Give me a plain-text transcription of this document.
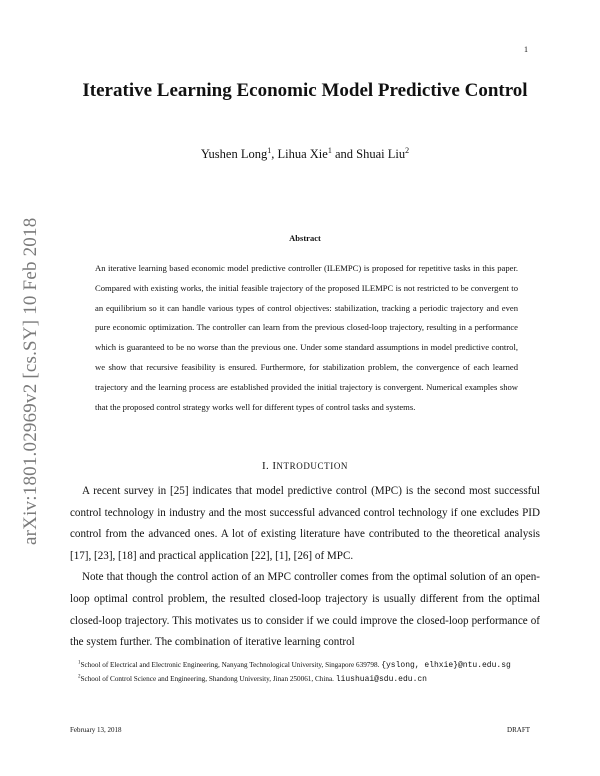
1
arXiv:1801.02969v2 [cs.SY] 10 Feb 2018
Iterative Learning Economic Model Predictive Control
Yushen Long$^1$, Lihua Xie$^1$ and Shuai Liu$^2$
Abstract
An iterative learning based economic model predictive controller (ILEMPC) is proposed for repetitive tasks in this paper. Compared with existing works, the initial feasible trajectory of the proposed ILEMPC is not restricted to be convergent to an equilibrium so it can handle various types of control objectives: stabilization, tracking a periodic trajectory and even pure economic optimization. The controller can learn from the previous closed-loop trajectory, resulting in a performance which is guaranteed to be no worse than the previous one. Under some standard assumptions in model predictive control, we show that recursive feasibility is ensured. Furthermore, for stabilization problem, the convergence of each learned trajectory and the learning process are established provided the initial trajectory is convergent. Numerical examples show that the proposed control strategy works well for different types of control tasks and systems.
I. INTRODUCTION

A recent survey in [25] indicates that model predictive control (MPC) is the second most successful control technology in industry and the most successful advanced control technology if one excludes PID control from the advanced ones. A lot of existing literature have contributed to the theoretical analysis [17], [23], [18] and practical application [22], [1], [26] of MPC.

Note that though the control action of an MPC controller comes from the optimal solution of an open-loop optimal control problem, the resulted closed-loop trajectory is usually different from the optimal closed-loop trajectory. This motivates us to consider if we could improve the closed-loop performance of the system further. The combination of iterative learning control

$^1$School of Electrical and Electronic Engineering, Nanyang Technological University, Singapore 639798. {yslong, elhxie}@ntu.edu.sg

$^2$School of Control Science and Engineering, Shandong University, Jinan 250061, China. liushuai@sdu.edu.cn

February 13, 2018	DRAFT
